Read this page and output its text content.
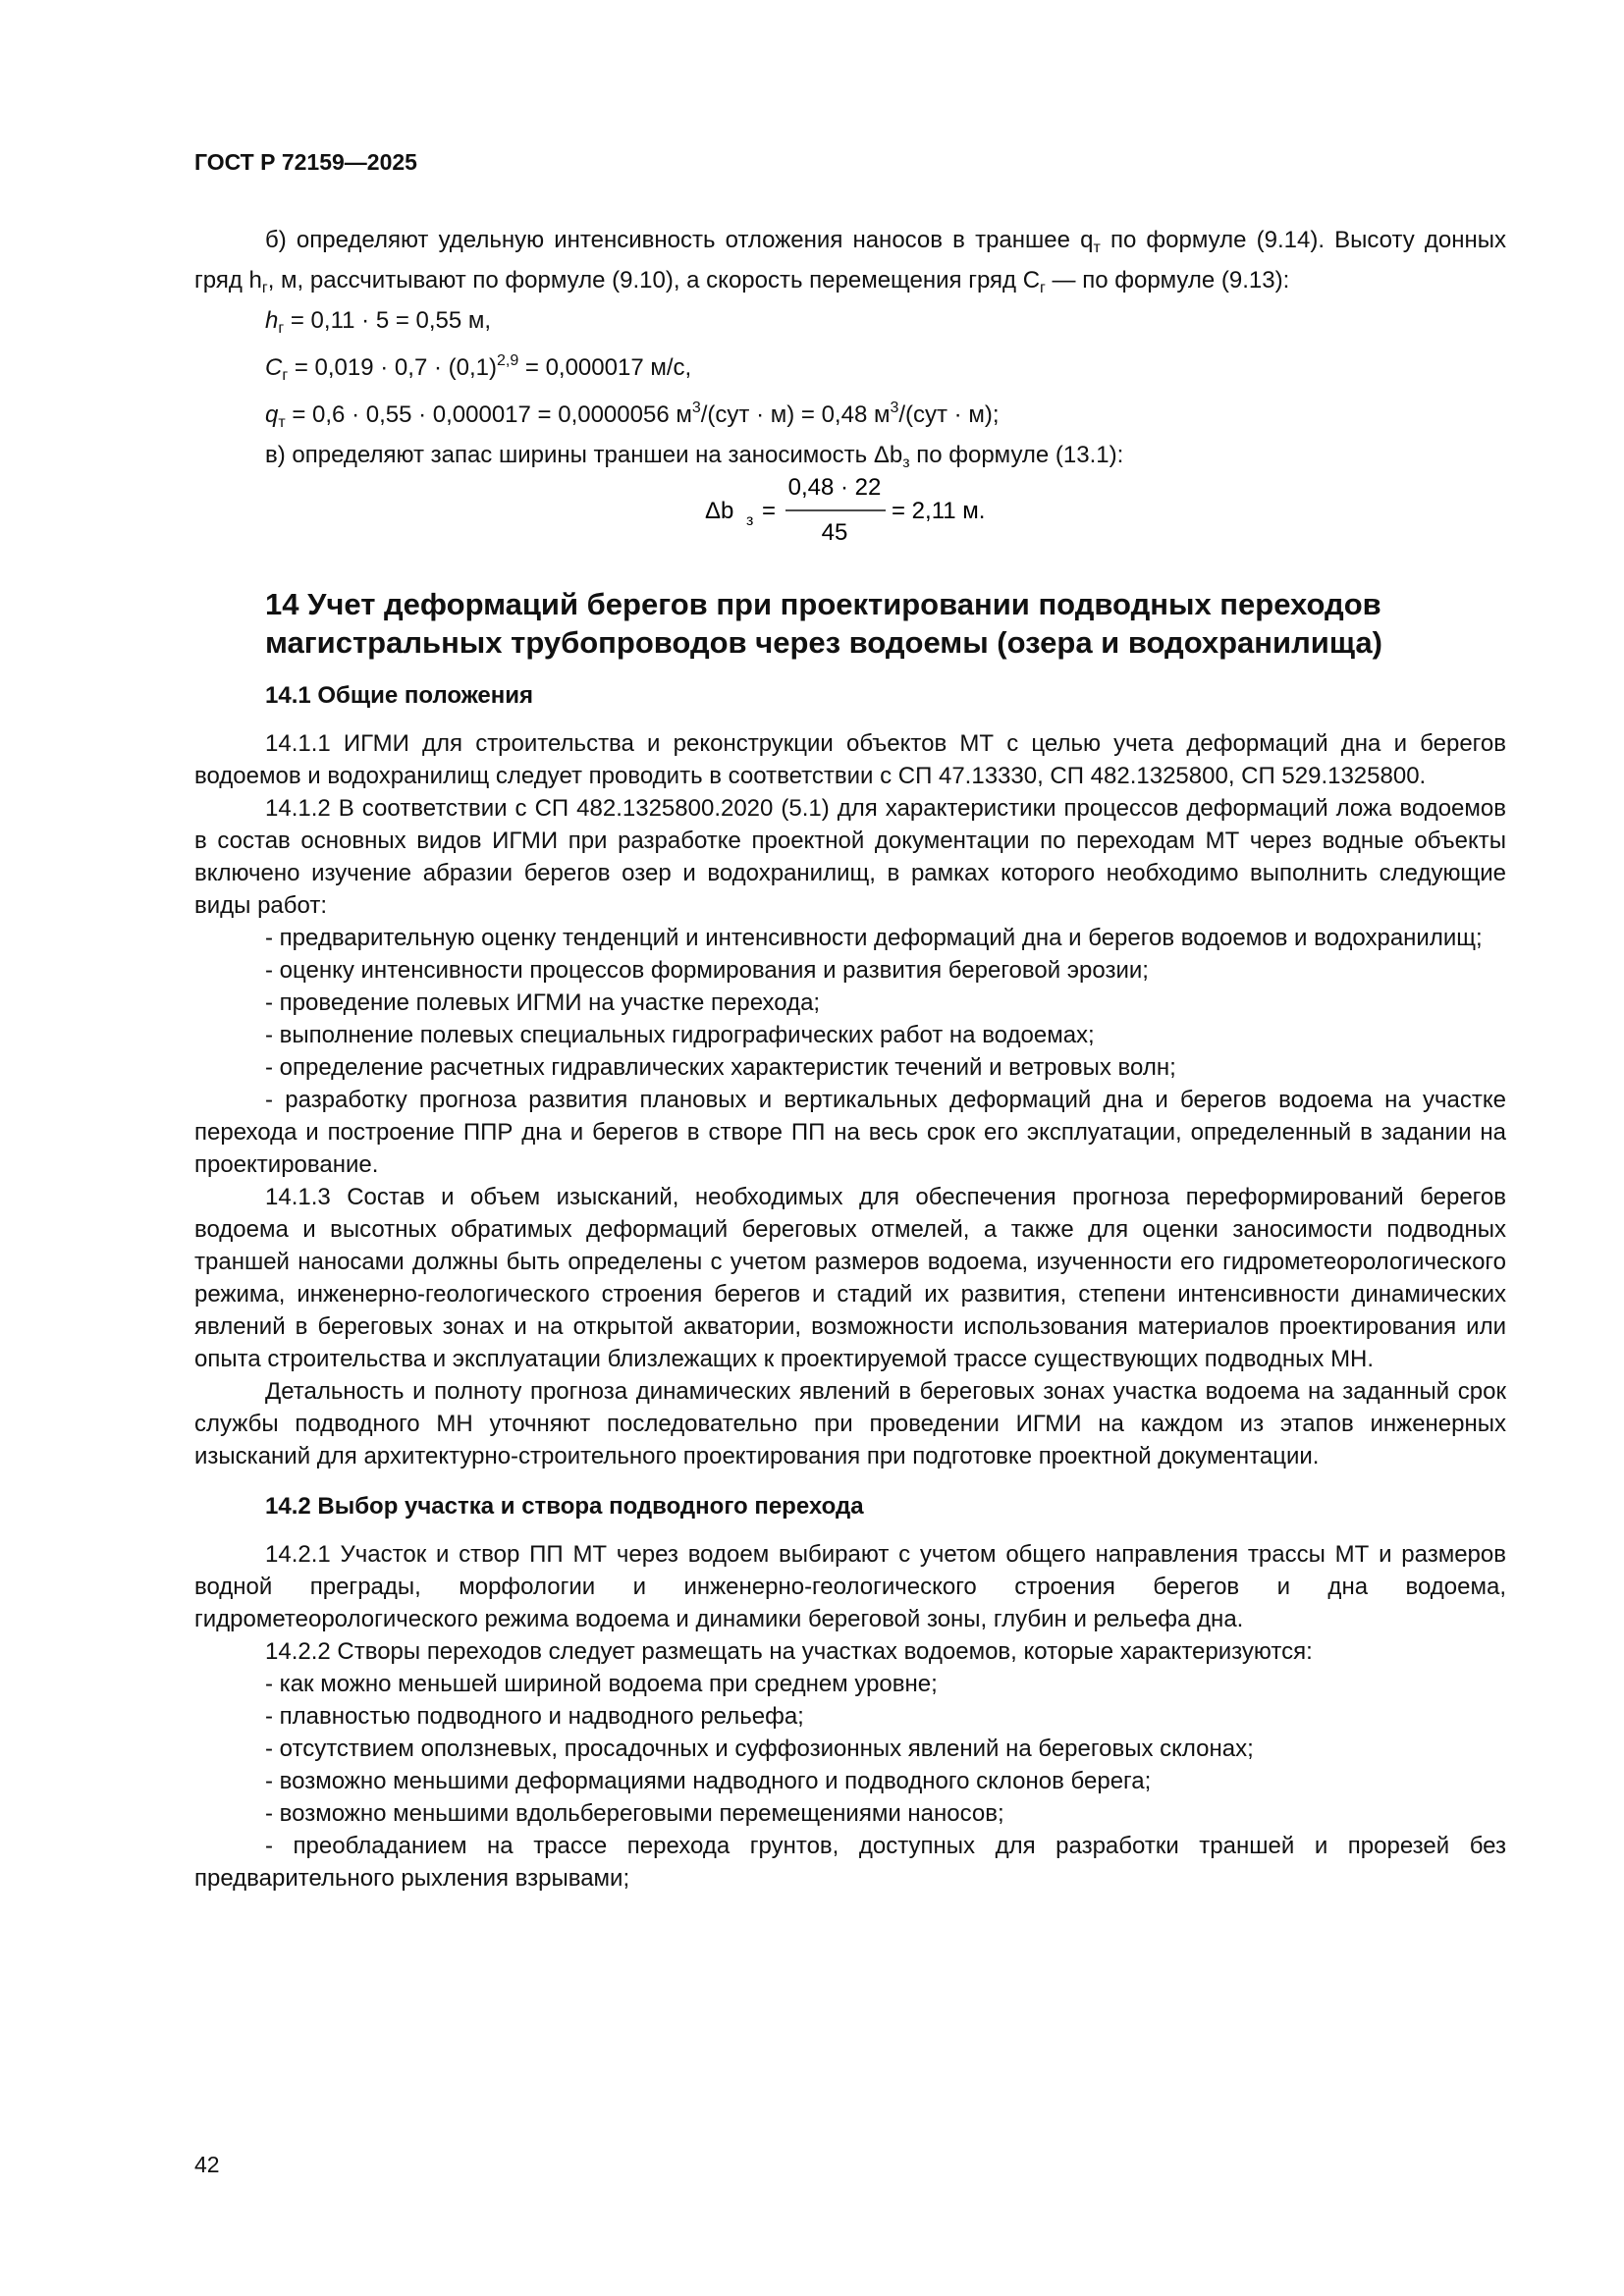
ГОСТ Р 72159—2025

б) определяют удельную интенсивность отложения наносов в траншее $q_т$ по формуле (9.14). Высоту донных гряд $h_г$, м, рассчитывают по формуле (9.10), а скорость перемещения гряд $C_г$ — по формуле (9.13):

$h_г = 0,11 \cdot 5 = 0,55$ м,

$C_г = 0,019 \cdot 0,7 \cdot (0,1)^{2,9} = 0,000017$ м/с,

$q_т = 0,6 \cdot 0,55 \cdot 0,000017 = 0,0000056$ $м^3/(сут \cdot м) = 0,48$ $м^3/(сут \cdot м)$;

в) определяют запас ширины траншеи на заносимость $\Delta b_з$ по формуле (13.1):

Δb з =
0,48 · 22
45
= 2,11 м.
14 Учет деформаций берегов при проектировании подводных переходов
магистральных трубопроводов через водоемы (озера и водохранилища)
14.1 Общие положения

14.1.1 ИГМИ для строительства и реконструкции объектов МТ с целью учета деформаций дна и берегов водоемов и водохранилищ следует проводить в соответствии с СП 47.13330, СП 482.1325800, СП 529.1325800.

14.1.2 В соответствии с СП 482.1325800.2020 (5.1) для характеристики процессов деформаций ложа водоемов в состав основных видов ИГМИ при разработке проектной документации по переходам МТ через водные объекты включено изучение абразии берегов озер и водохранилищ, в рамках которого необходимо выполнить следующие виды работ:

- предварительную оценку тенденций и интенсивности деформаций дна и берегов водоемов и водохранилищ;

- оценку интенсивности процессов формирования и развития береговой эрозии;

- проведение полевых ИГМИ на участке перехода;

- выполнение полевых специальных гидрографических работ на водоемах;

- определение расчетных гидравлических характеристик течений и ветровых волн;

- разработку прогноза развития плановых и вертикальных деформаций дна и берегов водоема на участке перехода и построение ППР дна и берегов в створе ПП на весь срок его эксплуатации, определенный в задании на проектирование.

14.1.3 Состав и объем изысканий, необходимых для обеспечения прогноза переформирований берегов водоема и высотных обратимых деформаций береговых отмелей, а также для оценки заносимости подводных траншей наносами должны быть определены с учетом размеров водоема, изученности его гидрометеорологического режима, инженерно-геологического строения берегов и стадий их развития, степени интенсивности динамических явлений в береговых зонах и на открытой акватории, возможности использования материалов проектирования или опыта строительства и эксплуатации близлежащих к проектируемой трассе существующих подводных МН.

Детальность и полноту прогноза динамических явлений в береговых зонах участка водоема на заданный срок службы подводного МН уточняют последовательно при проведении ИГМИ на каждом из этапов инженерных изысканий для архитектурно-строительного проектирования при подготовке проектной документации.

14.2 Выбор участка и створа подводного перехода

14.2.1 Участок и створ ПП МТ через водоем выбирают с учетом общего направления трассы МТ и размеров водной преграды, морфологии и инженерно-геологического строения берегов и дна водоема, гидрометеорологического режима водоема и динамики береговой зоны, глубин и рельефа дна.

14.2.2 Створы переходов следует размещать на участках водоемов, которые характеризуются:

- как можно меньшей шириной водоема при среднем уровне;

- плавностью подводного и надводного рельефа;

- отсутствием оползневых, просадочных и суффозионных явлений на береговых склонах;

- возможно меньшими деформациями надводного и подводного склонов берега;

- возможно меньшими вдольбереговыми перемещениями наносов;

- преобладанием на трассе перехода грунтов, доступных для разработки траншей и прорезей без предварительного рыхления взрывами;

42
